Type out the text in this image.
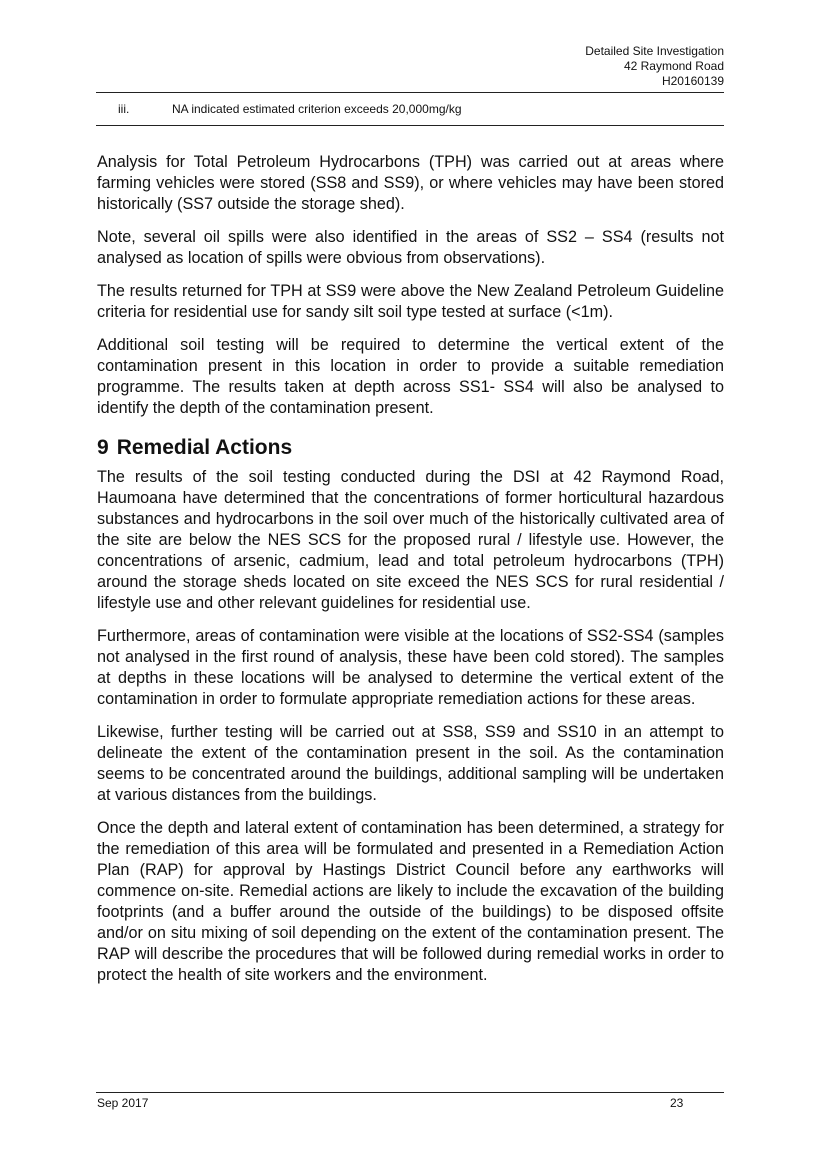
Detailed Site Investigation
42 Raymond Road
H20160139
iii.	NA indicated estimated criterion exceeds 20,000mg/kg

Analysis for Total Petroleum Hydrocarbons (TPH) was carried out at areas where farming vehicles were stored (SS8 and SS9), or where vehicles may have been stored historically (SS7 outside the storage shed).

Note, several oil spills were also identified in the areas of SS2 – SS4 (results not analysed as location of spills were obvious from observations).

The results returned for TPH at SS9 were above the New Zealand Petroleum Guideline criteria for residential use for sandy silt soil type tested at surface (<1m).

Additional soil testing will be required to determine the vertical extent of the contamination present in this location in order to provide a suitable remediation programme. The results taken at depth across SS1- SS4 will also be analysed to identify the depth of the contamination present.

9 Remedial Actions

The results of the soil testing conducted during the DSI at 42 Raymond Road, Haumoana have determined that the concentrations of former horticultural hazardous substances and hydrocarbons in the soil over much of the historically cultivated area of the site are below the NES SCS for the proposed rural / lifestyle use. However, the concentrations of arsenic, cadmium, lead and total petroleum hydrocarbons (TPH) around the storage sheds located on site exceed the NES SCS for rural residential / lifestyle use and other relevant guidelines for residential use.

Furthermore, areas of contamination were visible at the locations of SS2-SS4 (samples not analysed in the first round of analysis, these have been cold stored). The samples at depths in these locations will be analysed to determine the vertical extent of the contamination in order to formulate appropriate remediation actions for these areas.

Likewise, further testing will be carried out at SS8, SS9 and SS10 in an attempt to delineate the extent of the contamination present in the soil. As the contamination seems to be concentrated around the buildings, additional sampling will be undertaken at various distances from the buildings.

Once the depth and lateral extent of contamination has been determined, a strategy for the remediation of this area will be formulated and presented in a Remediation Action Plan (RAP) for approval by Hastings District Council before any earthworks will commence on-site. Remedial actions are likely to include the excavation of the building footprints (and a buffer around the outside of the buildings) to be disposed offsite and/or on situ mixing of soil depending on the extent of the contamination present. The RAP will describe the procedures that will be followed during remedial works in order to protect the health of site workers and the environment.

Sep 2017	23
